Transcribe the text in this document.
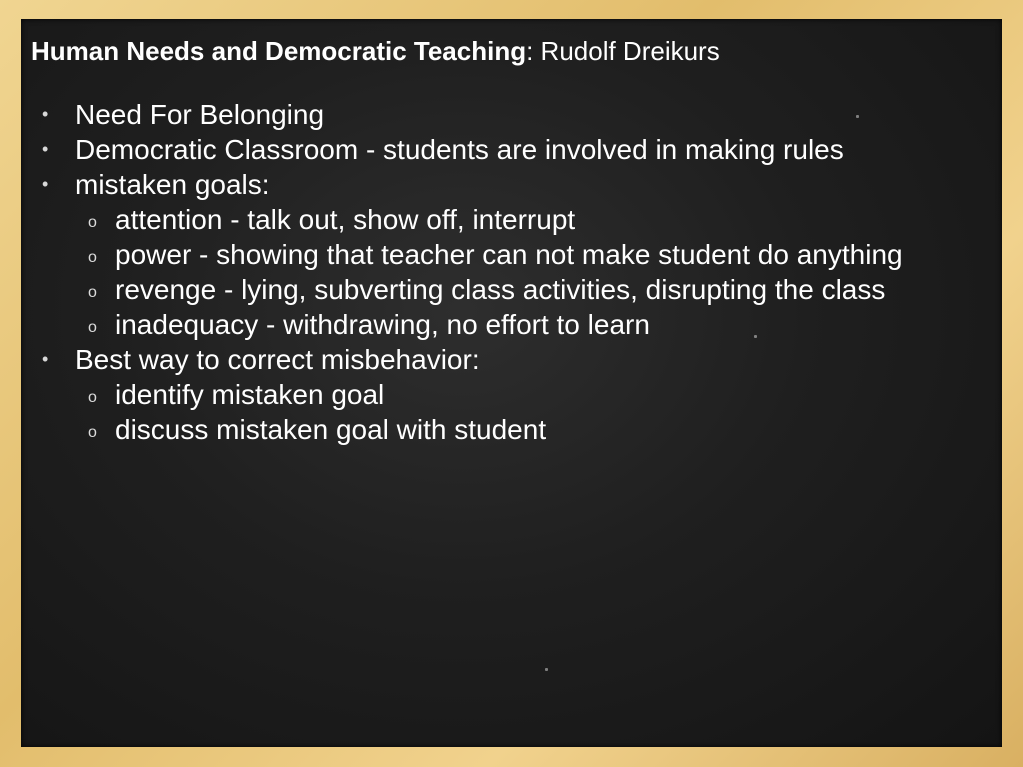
Human Needs and Democratic Teaching: Rudolf Dreikurs
• Need For Belonging
• Democratic Classroom - students are involved in making rules
• mistaken goals:
o attention - talk out, show off, interrupt
o power - showing that teacher can not make student do anything
o revenge - lying, subverting class activities, disrupting the class
o inadequacy - withdrawing, no effort to learn
• Best way to correct misbehavior:
o identify mistaken goal
o discuss mistaken goal with student
